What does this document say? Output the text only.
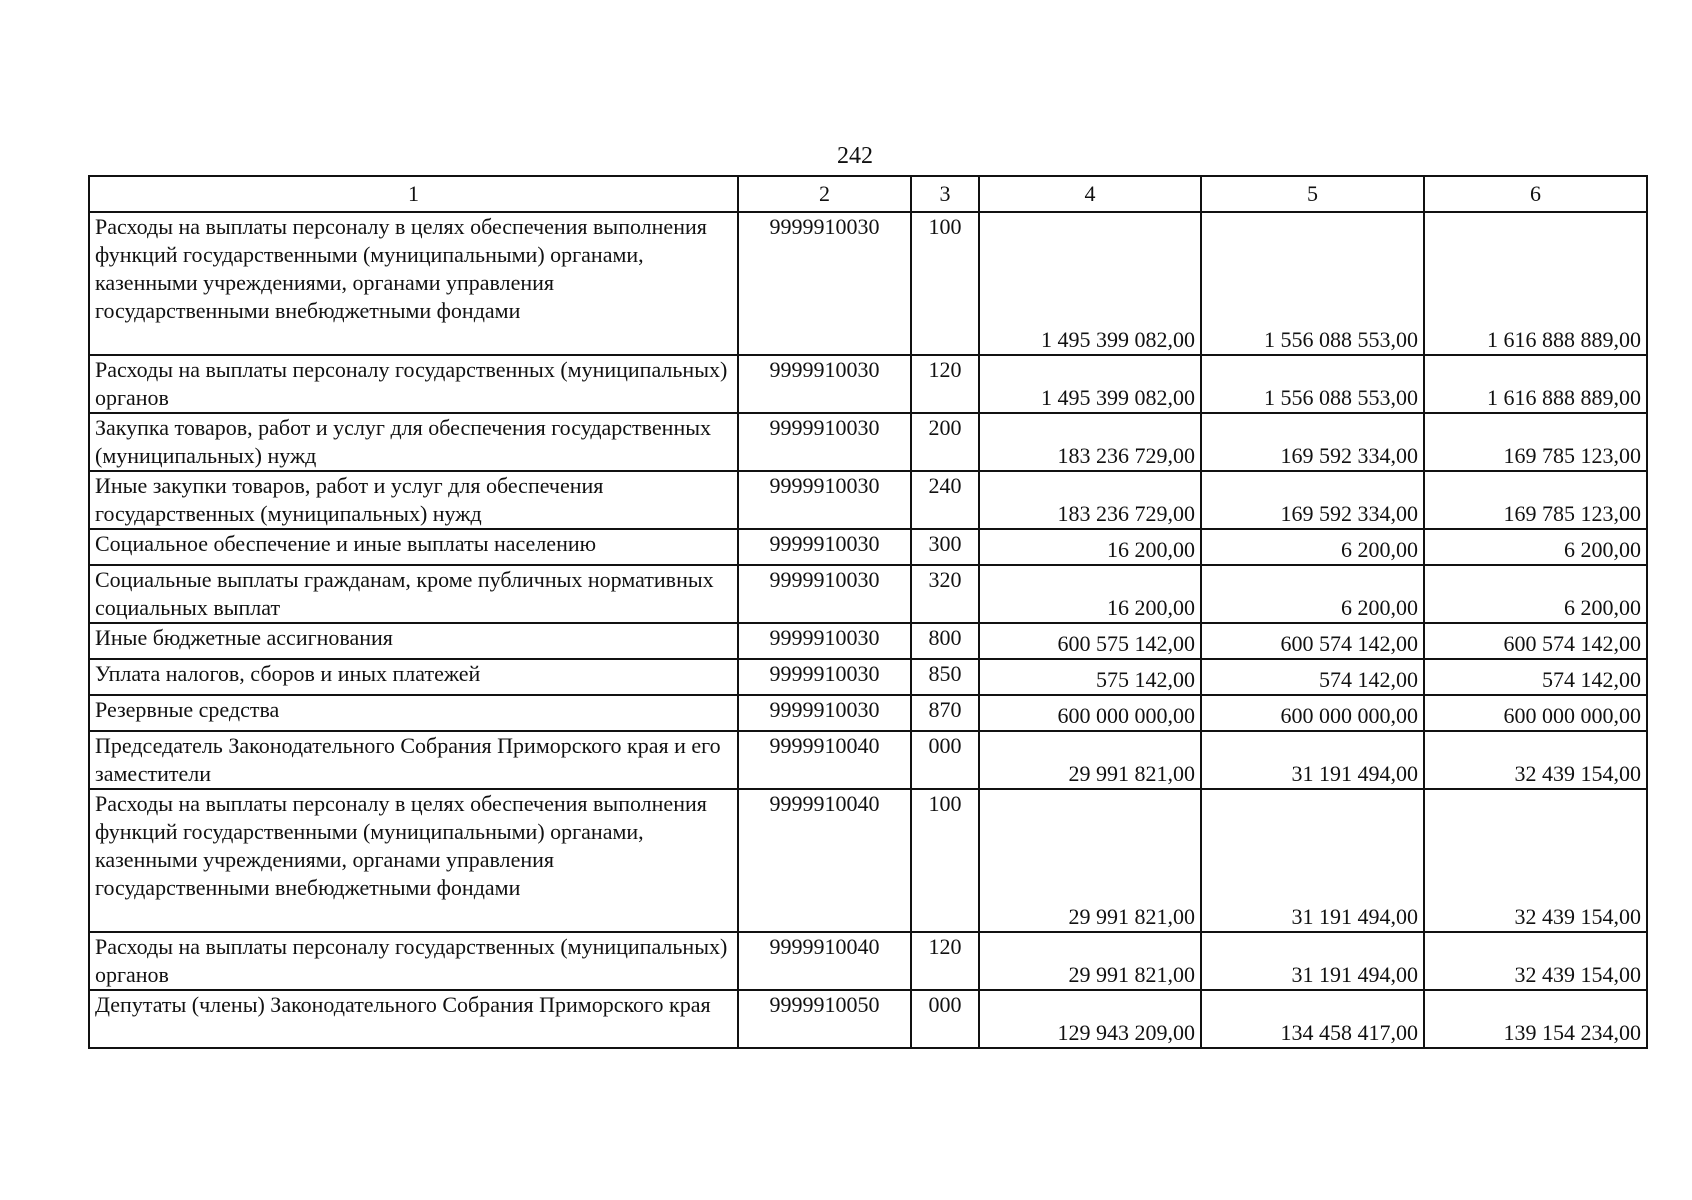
242
1	2	3	4	5	6
Расходы на выплаты персоналу в целях обеспечения выполнения функций государственными (муниципальными) органами, казенными учреждениями, органами управления государственными внебюджетными фондами	9999910030	100	1 495 399 082,00	1 556 088 553,00	1 616 888 889,00
Расходы на выплаты персоналу государственных (муниципальных) органов	9999910030	120	1 495 399 082,00	1 556 088 553,00	1 616 888 889,00
Закупка товаров, работ и услуг для обеспечения государственных (муниципальных) нужд	9999910030	200	183 236 729,00	169 592 334,00	169 785 123,00
Иные закупки товаров, работ и услуг для обеспечения государственных (муниципальных) нужд	9999910030	240	183 236 729,00	169 592 334,00	169 785 123,00
Социальное обеспечение и иные выплаты населению	9999910030	300	16 200,00	6 200,00	6 200,00
Социальные выплаты гражданам, кроме публичных нормативных социальных выплат	9999910030	320	16 200,00	6 200,00	6 200,00
Иные бюджетные ассигнования	9999910030	800	600 575 142,00	600 574 142,00	600 574 142,00
Уплата налогов, сборов и иных платежей	9999910030	850	575 142,00	574 142,00	574 142,00
Резервные средства	9999910030	870	600 000 000,00	600 000 000,00	600 000 000,00
Председатель Законодательного Собрания Приморского края и его заместители	9999910040	000	29 991 821,00	31 191 494,00	32 439 154,00
Расходы на выплаты персоналу в целях обеспечения выполнения функций государственными (муниципальными) органами, казенными учреждениями, органами управления государственными внебюджетными фондами	9999910040	100	29 991 821,00	31 191 494,00	32 439 154,00
Расходы на выплаты персоналу государственных (муниципальных) органов	9999910040	120	29 991 821,00	31 191 494,00	32 439 154,00
Депутаты (члены) Законодательного Собрания Приморского края	9999910050	000	129 943 209,00	134 458 417,00	139 154 234,00
